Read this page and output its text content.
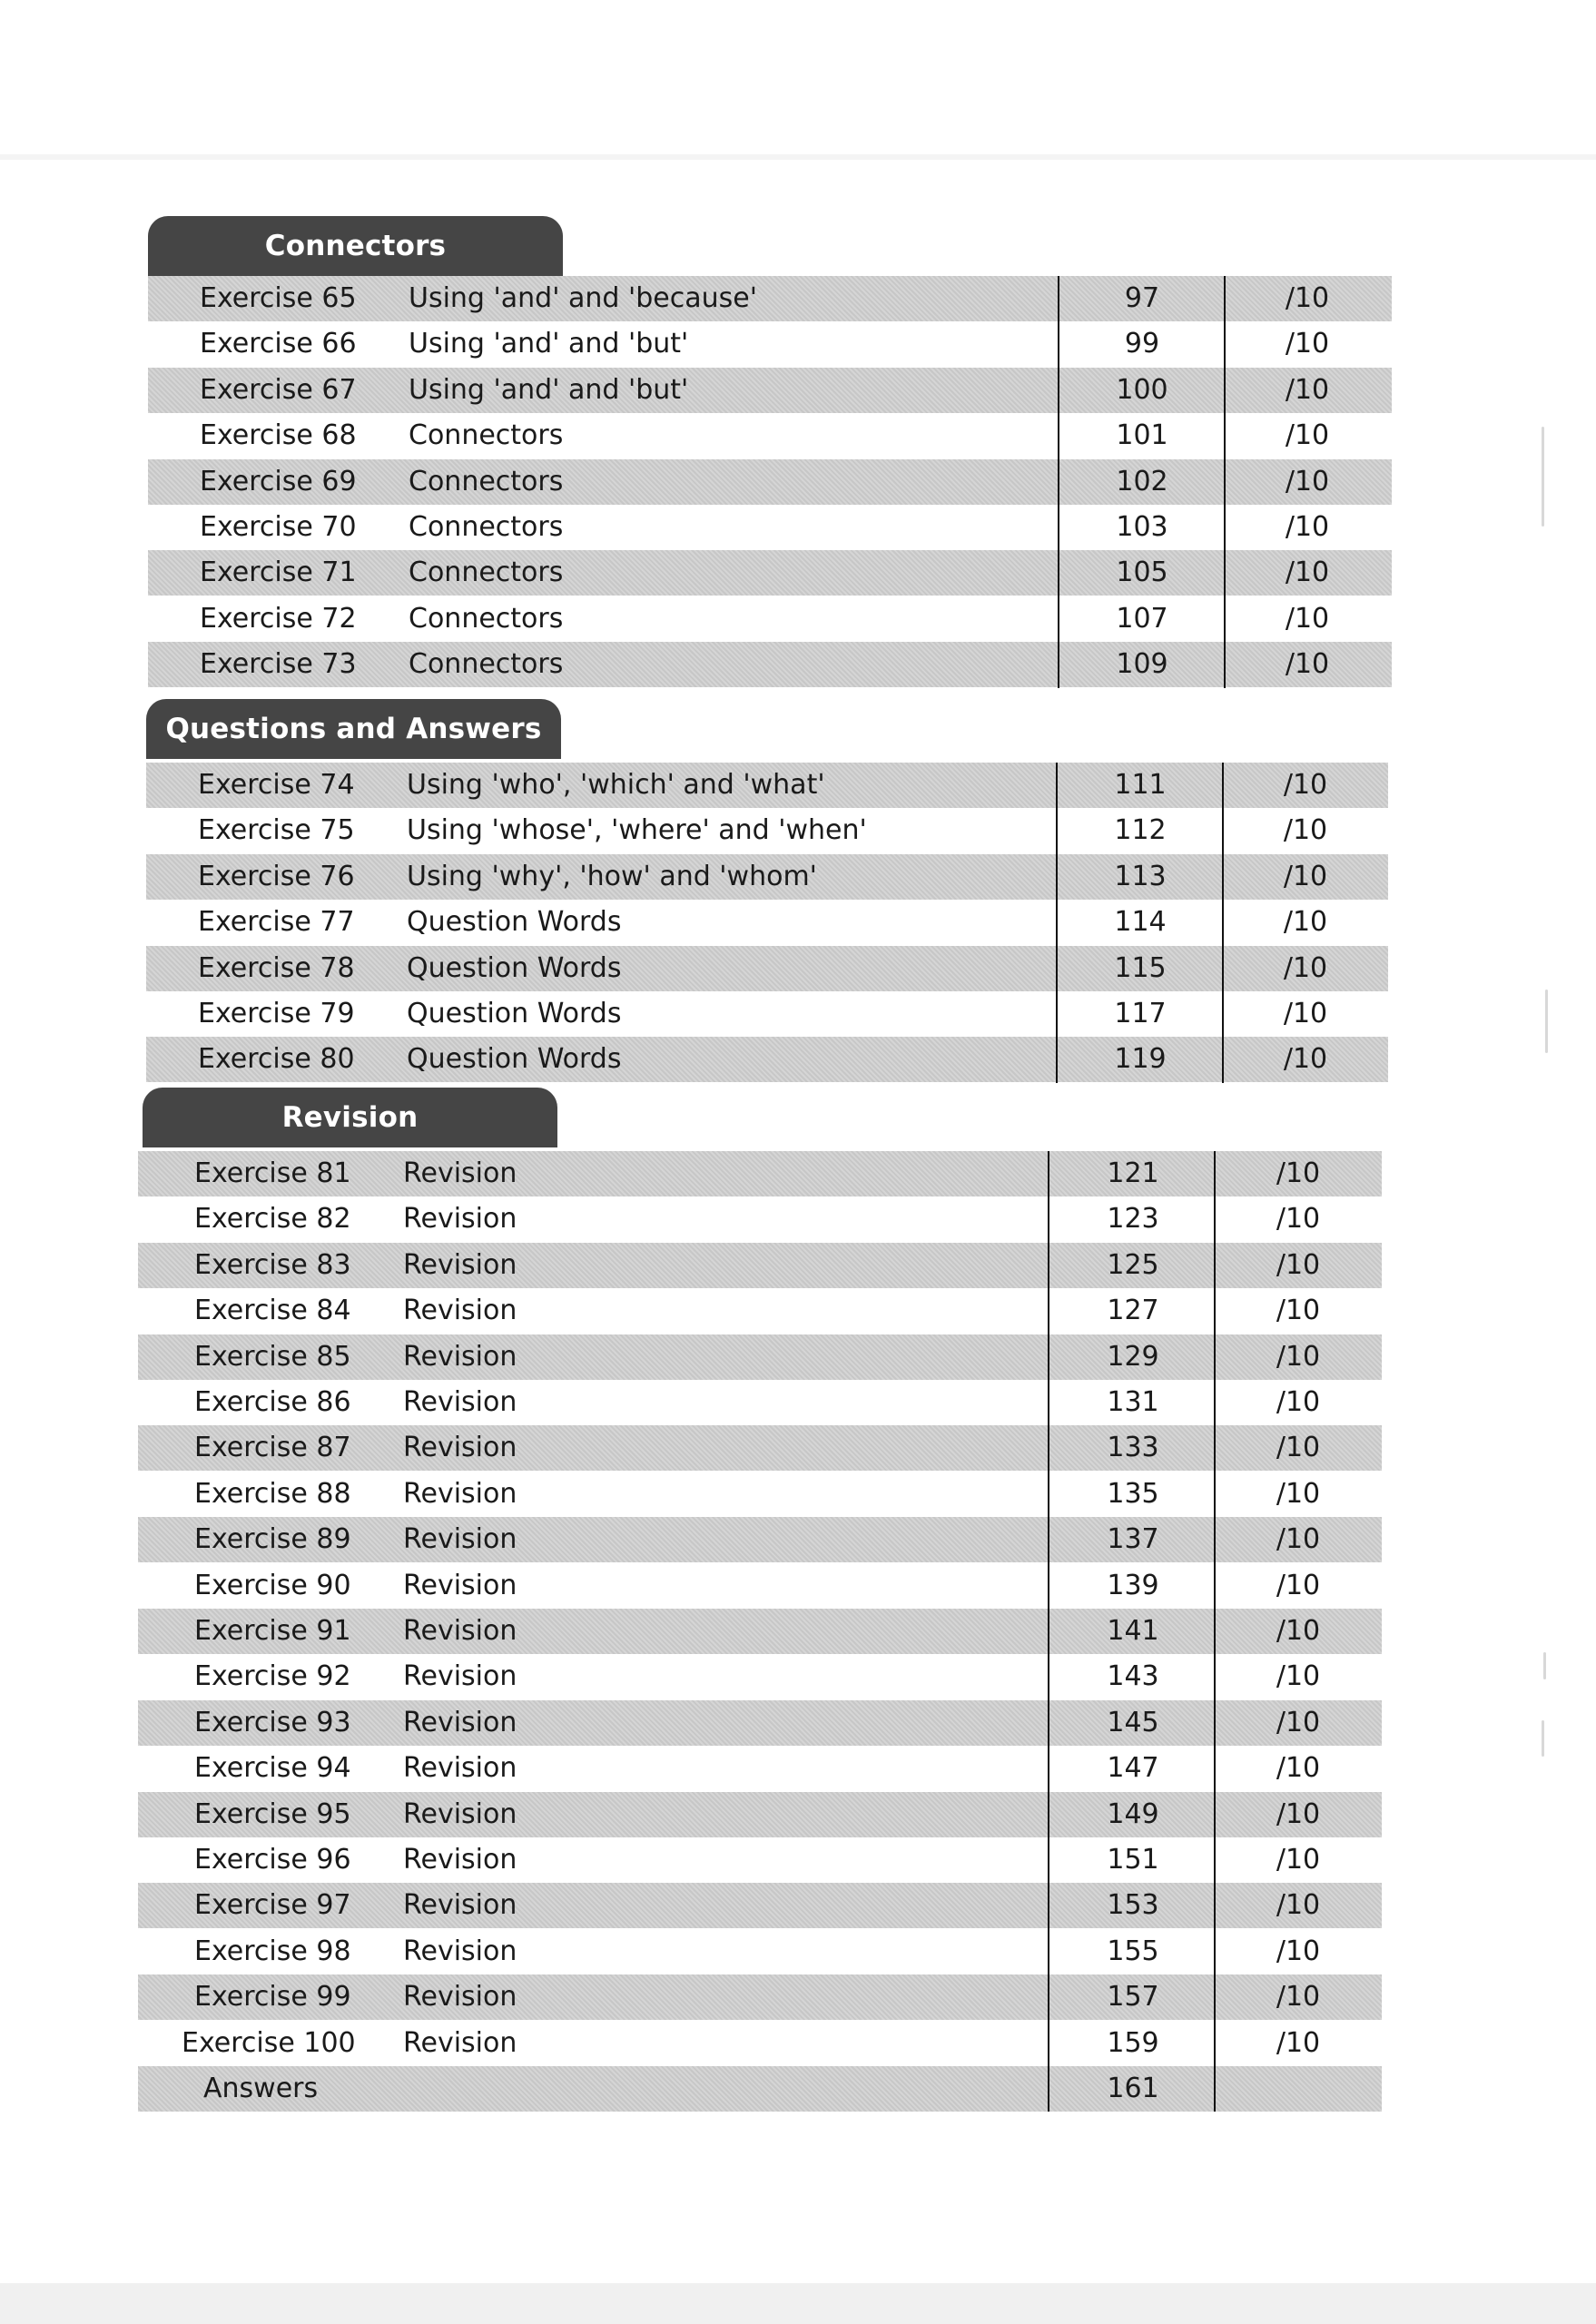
Connectors
Exercise 65	Using 'and' and 'because'	97	/10
Exercise 66	Using 'and' and 'but'	99	/10
Exercise 67	Using 'and' and 'but'	100	/10
Exercise 68	Connectors	101	/10
Exercise 69	Connectors	102	/10
Exercise 70	Connectors	103	/10
Exercise 71	Connectors	105	/10
Exercise 72	Connectors	107	/10
Exercise 73	Connectors	109	/10
Questions and Answers
Exercise 74	Using 'who', 'which' and 'what'	111	/10
Exercise 75	Using 'whose', 'where' and 'when'	112	/10
Exercise 76	Using 'why', 'how' and 'whom'	113	/10
Exercise 77	Question Words	114	/10
Exercise 78	Question Words	115	/10
Exercise 79	Question Words	117	/10
Exercise 80	Question Words	119	/10
Revision
Exercise 81	Revision	121	/10
Exercise 82	Revision	123	/10
Exercise 83	Revision	125	/10
Exercise 84	Revision	127	/10
Exercise 85	Revision	129	/10
Exercise 86	Revision	131	/10
Exercise 87	Revision	133	/10
Exercise 88	Revision	135	/10
Exercise 89	Revision	137	/10
Exercise 90	Revision	139	/10
Exercise 91	Revision	141	/10
Exercise 92	Revision	143	/10
Exercise 93	Revision	145	/10
Exercise 94	Revision	147	/10
Exercise 95	Revision	149	/10
Exercise 96	Revision	151	/10
Exercise 97	Revision	153	/10
Exercise 98	Revision	155	/10
Exercise 99	Revision	157	/10
Exercise 100	Revision	159	/10
Answers	161
